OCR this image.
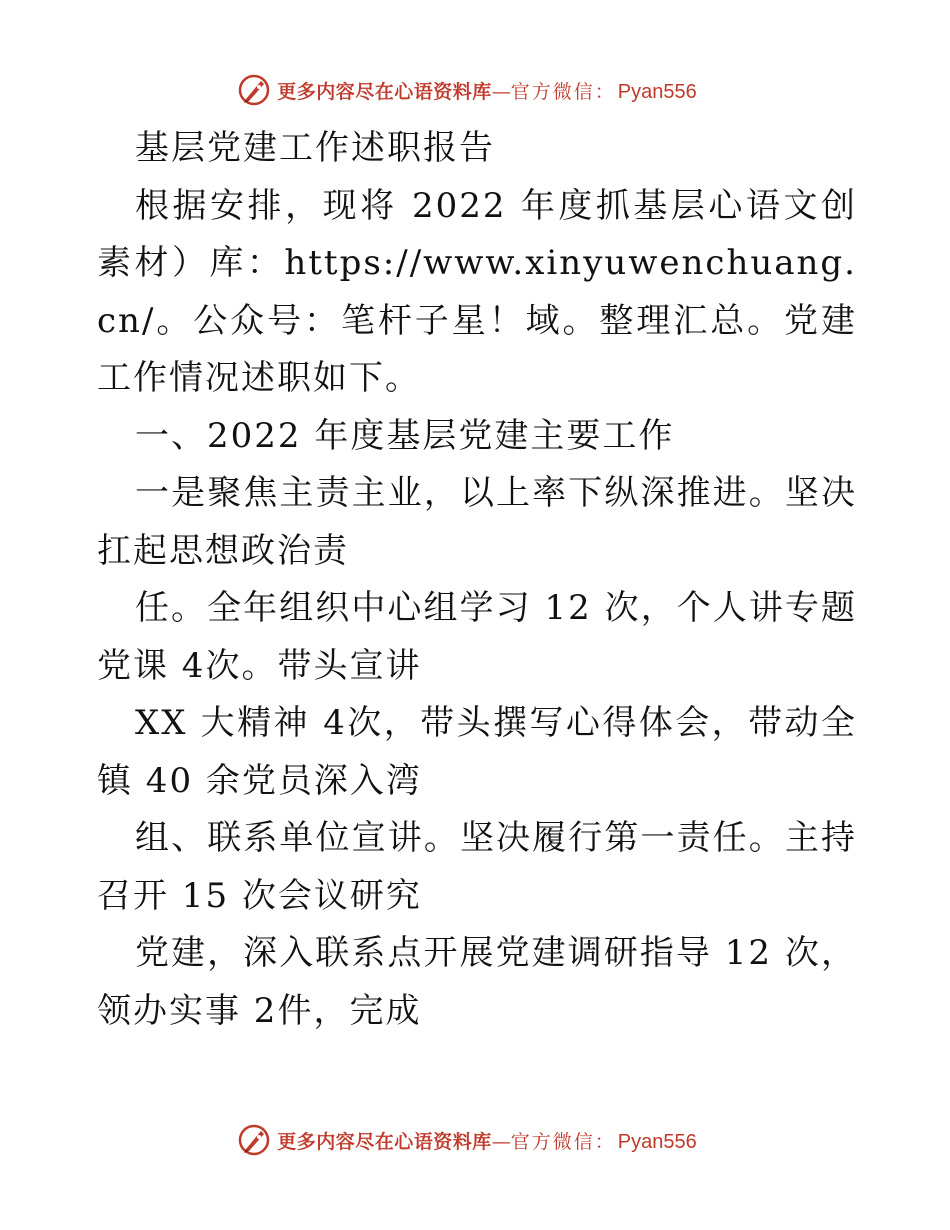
更多内容尽在心语资料库 — 官方微信： Pyan556

基层党建工作述职报告

根据安排，现将 2022 年度抓基层心语文创素材）库：https://www.xinyuwenchuang.cn/。公众号：笔杆子星！域。整理汇总。党建工作情况述职如下。

一、2022 年度基层党建主要工作

一是聚焦主责主业，以上率下纵深推进。坚决扛起思想政治责

任。全年组织中心组学习 12 次，个人讲专题党课 4次。带头宣讲

XX 大精神 4次，带头撰写心得体会，带动全镇 40 余党员深入湾

组、联系单位宣讲。坚决履行第一责任。主持召开 15 次会议研究

党建，深入联系点开展党建调研指导 12 次，领办实事 2件，完成

更多内容尽在心语资料库 — 官方微信： Pyan556
